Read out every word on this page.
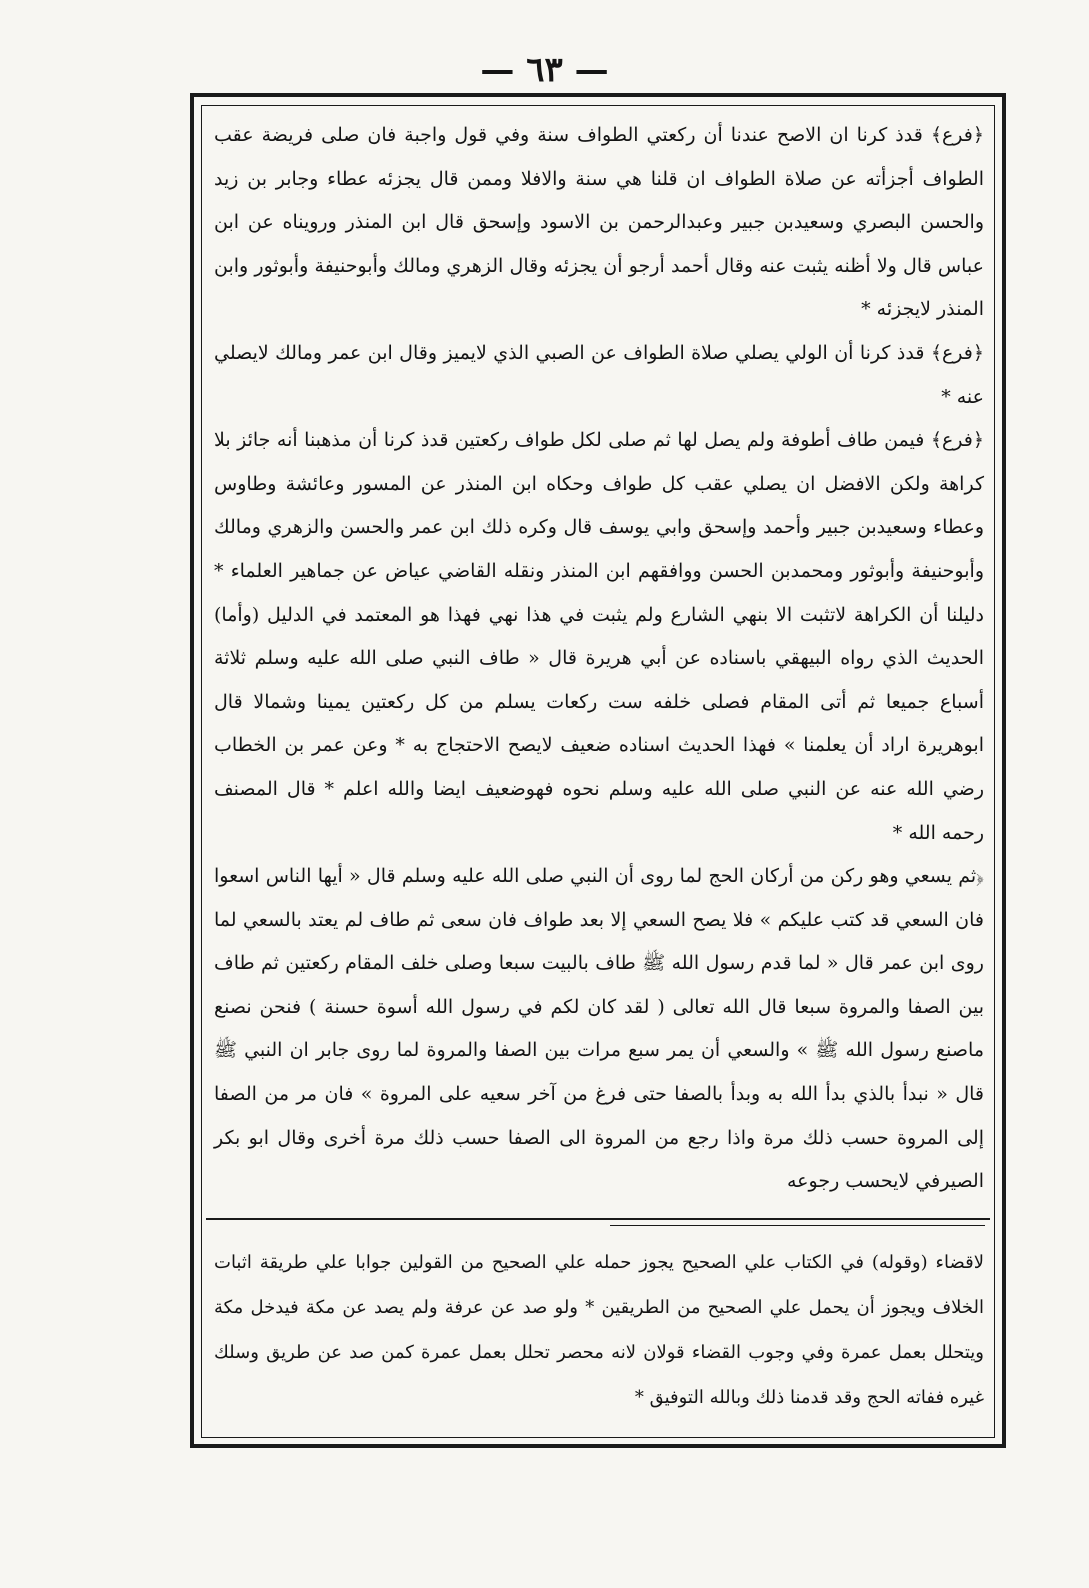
— ٦٣ —

﴿فرع﴾ قدذ كرنا ان الاصح عندنا أن ركعتي الطواف سنة وفي قول واجبة فان صلى فريضة عقب الطواف أجزأته عن صلاة الطواف ان قلنا هي سنة والافلا وممن قال يجزئه عطاء وجابر بن زيد والحسن البصري وسعيدبن جبير وعبدالرحمن بن الاسود وإسحق قال ابن المنذر ورويناه عن ابن عباس قال ولا أظنه يثبت عنه وقال أحمد أرجو أن يجزئه وقال الزهري ومالك وأبوحنيفة وأبوثور وابن المنذر لايجزئه *

﴿فرع﴾ قدذ كرنا أن الولي يصلي صلاة الطواف عن الصبي الذي لايميز وقال ابن عمر ومالك لايصلي عنه *

﴿فرع﴾ فيمن طاف أطوفة ولم يصل لها ثم صلى لكل طواف ركعتين قدذ كرنا أن مذهبنا أنه جائز بلا كراهة ولكن الافضل ان يصلي عقب كل طواف وحكاه ابن المنذر عن المسور وعائشة وطاوس وعطاء وسعيدبن جبير وأحمد وإسحق وابي يوسف قال وكره ذلك ابن عمر والحسن والزهري ومالك وأبوحنيفة وأبوثور ومحمدبن الحسن ووافقهم ابن المنذر ونقله القاضي عياض عن جماهير العلماء * دليلنا أن الكراهة لاتثبت الا بنهي الشارع ولم يثبت في هذا نهي فهذا هو المعتمد في الدليل (وأما) الحديث الذي رواه البيهقي باسناده عن أبي هريرة قال « طاف النبي صلى الله عليه وسلم ثلاثة أسباع جميعا ثم أتى المقام فصلى خلفه ست ركعات يسلم من كل ركعتين يمينا وشمالا قال ابوهريرة اراد أن يعلمنا » فهذا الحديث اسناده ضعيف لايصح الاحتجاج به * وعن عمر بن الخطاب رضي الله عنه عن النبي صلى الله عليه وسلم نحوه فهوضعيف ايضا والله اعلم * قال المصنف رحمه الله *

﴿ثم يسعي وهو ركن من أركان الحج لما روى أن النبي صلى الله عليه وسلم قال « أيها الناس اسعوا فان السعي قد كتب عليكم » فلا يصح السعي إلا بعد طواف فان سعى ثم طاف لم يعتد بالسعي لما روى ابن عمر قال « لما قدم رسول الله ﷺ طاف بالبيت سبعا وصلى خلف المقام ركعتين ثم طاف بين الصفا والمروة سبعا قال الله تعالى ( لقد كان لكم في رسول الله أسوة حسنة ) فنحن نصنع ماصنع رسول الله ﷺ » والسعي أن يمر سبع مرات بين الصفا والمروة لما روى جابر ان النبي ﷺ قال « نبدأ بالذي بدأ الله به وبدأ بالصفا حتى فرغ من آخر سعيه على المروة » فان مر من الصفا إلى المروة حسب ذلك مرة واذا رجع من المروة الى الصفا حسب ذلك مرة أخرى وقال ابو بكر الصيرفي لايحسب رجوعه

لاقضاء (وقوله) في الكتاب علي الصحيح يجوز حمله علي الصحيح من القولين جوابا علي طريقة اثبات الخلاف ويجوز أن يحمل علي الصحيح من الطريقين * ولو صد عن عرفة ولم يصد عن مكة فيدخل مكة ويتحلل بعمل عمرة وفي وجوب القضاء قولان لانه محصر تحلل بعمل عمرة كمن صد عن طريق وسلك غيره ففاته الحج وقد قدمنا ذلك وبالله التوفيق *
